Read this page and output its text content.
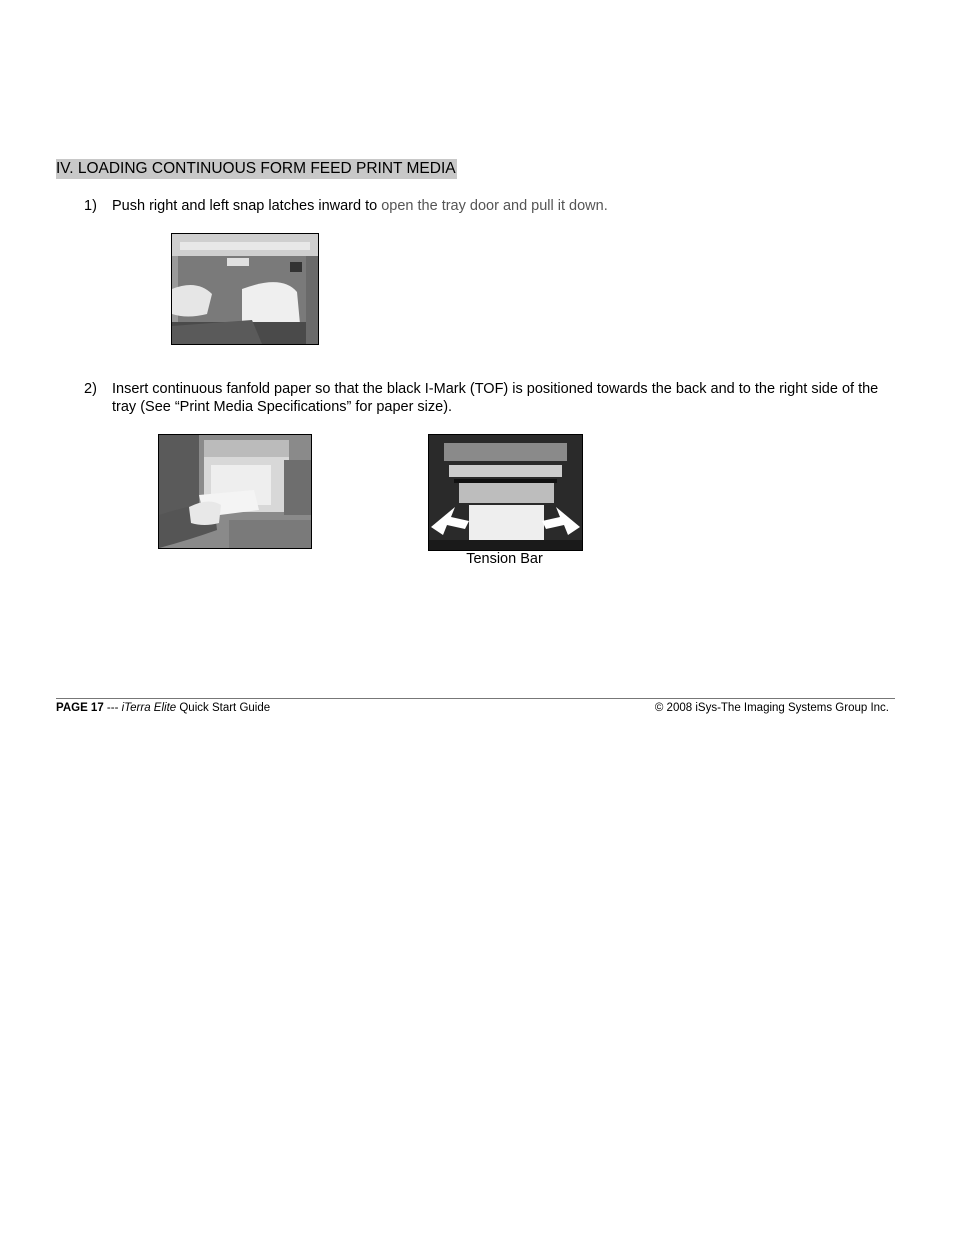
IV. LOADING CONTINUOUS FORM FEED PRINT MEDIA
1) Push right and left snap latches inward to open the tray door and pull it down.
2) Insert continuous fanfold paper so that the black I-Mark (TOF) is positioned towards the back and to the right side of the tray (See “Print Media Specifications” for paper size).
Tension Bar
PAGE 17 --- iTerra Elite Quick Start Guide	© 2008 iSys-The Imaging Systems Group Inc.
